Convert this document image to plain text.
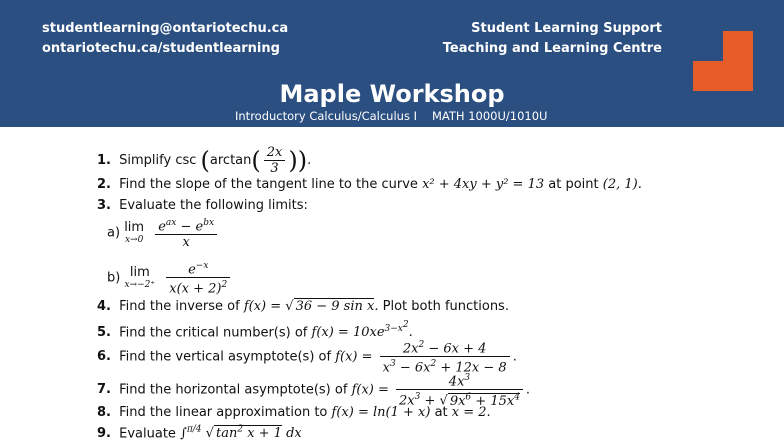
studentlearning@ontariotechu.ca
ontariotechu.ca/studentlearning
Student Learning Support
Teaching and Learning Centre
Maple Workshop
Introductory Calculus/Calculus I MATH 1000U/1010U
1. Simplify $\csc (\arctan( \frac{2x}{3}$ )).
2. Find the slope of the tangent line to the curve x² + 4xy + y² = 13 at point (2, 1).
3. Evaluate the following limits:
a) lim
x→0
$\frac{e^{ax} - e^{bx}}{x}$
b) lim
x→−2⁺
$\frac{e^{-x}}{x(x + 2)^2}$
4. Find the inverse of f(x) = √ 36 − 9 sin x. Plot both functions.
5. Find the critical number(s) of $f(x) = 10xe^{3-x^2}$.
6. Find the vertical asymptote(s) of $f(x) = \frac{2x^2 - 6x + 4}{x^3 - 6x^2 + 12x - 8}$ .
7. Find the horizontal asymptote(s) of $f(x) = \frac{4x^3}{2x^3 + √ 9x^6 + 15x^4}$ .
8. Find the linear approximation to f(x) = ln(1 + x) at x = 2.
9. Evaluate ∫$^{\pi/4}$ √ $\tan^2 x + 1$ dx
